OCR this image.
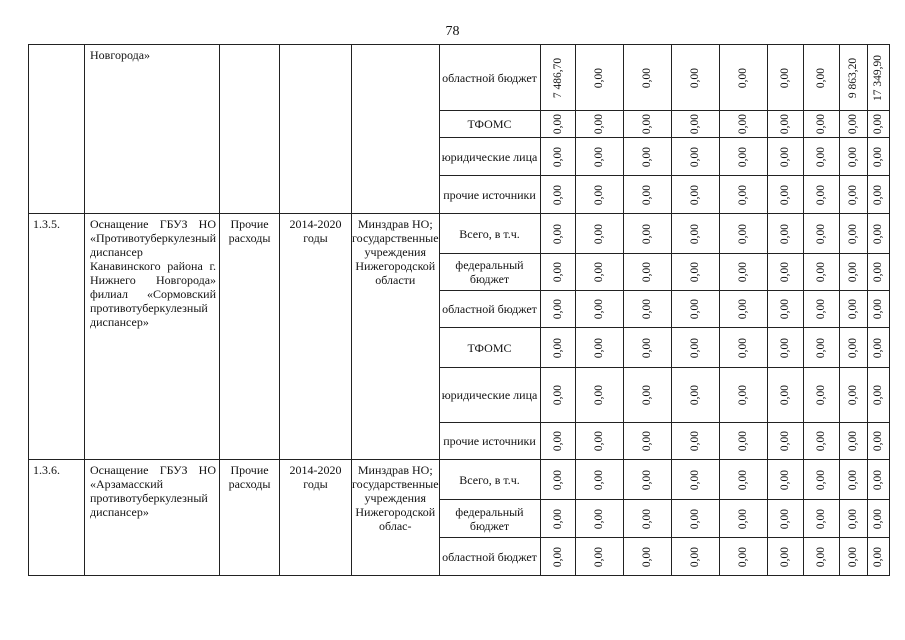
78
	Новгорода»				областной бюджет	7 486,70	0,00	0,00	0,00	0,00	0,00	0,00	9 863,20	17 349,90

					ТФОМС	0,00	0,00	0,00	0,00	0,00	0,00	0,00	0,00	0,00

					юридические лица	0,00	0,00	0,00	0,00	0,00	0,00	0,00	0,00	0,00

					прочие источники	0,00	0,00	0,00	0,00	0,00	0,00	0,00	0,00	0,00

1.3.5.	Оснащение ГБУЗ НО «Противотуберкулезный диспансер Канавинского района г. Нижнего Новгорода» филиал «Сормовский противотуберкулезный диспансер»	Прочие расходы	2014-2020 годы	Минздрав НО; государственные учреждения Нижегородской области	Всего, в т.ч.	0,00	0,00	0,00	0,00	0,00	0,00	0,00	0,00	0,00

					федеральный бюджет	0,00	0,00	0,00	0,00	0,00	0,00	0,00	0,00	0,00

					областной бюджет	0,00	0,00	0,00	0,00	0,00	0,00	0,00	0,00	0,00

					ТФОМС	0,00	0,00	0,00	0,00	0,00	0,00	0,00	0,00	0,00

					юридические лица	0,00	0,00	0,00	0,00	0,00	0,00	0,00	0,00	0,00

					прочие источники	0,00	0,00	0,00	0,00	0,00	0,00	0,00	0,00	0,00

1.3.6.	Оснащение ГБУЗ НО «Арзамасский противотуберкулезный диспансер»	Прочие расходы	2014-2020 годы	Минздрав НО; государственные учреждения Нижегородской облас-	Всего, в т.ч.	0,00	0,00	0,00	0,00	0,00	0,00	0,00	0,00	0,00

					федеральный бюджет	0,00	0,00	0,00	0,00	0,00	0,00	0,00	0,00	0,00

					областной бюджет	0,00	0,00	0,00	0,00	0,00	0,00	0,00	0,00	0,00
